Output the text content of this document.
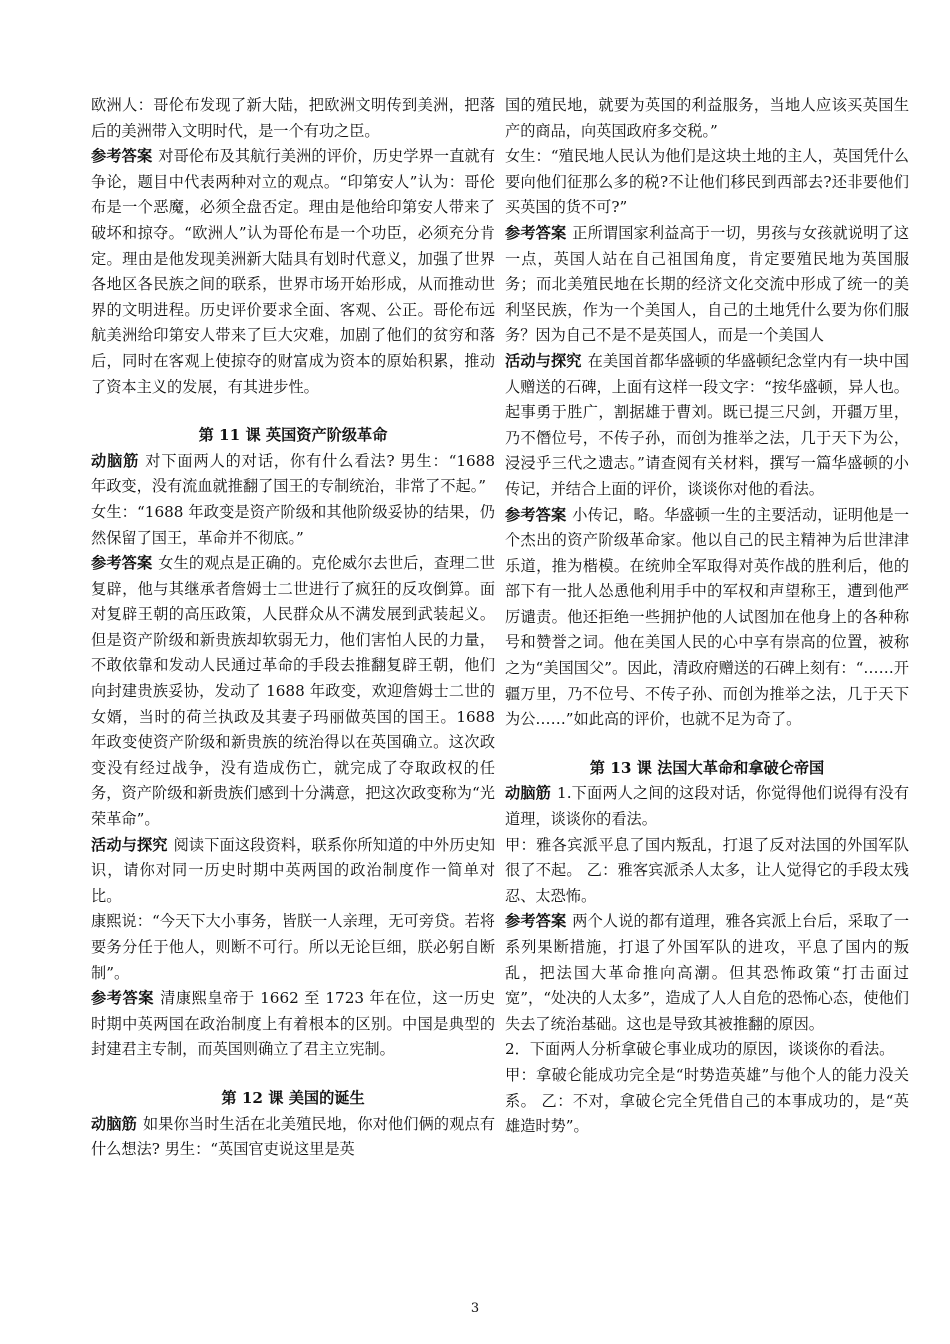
欧洲人：哥伦布发现了新大陆，把欧洲文明传到美洲，把落后的美洲带入文明时代，是一个有功之臣。

参考答案 对哥伦布及其航行美洲的评价，历史学界一直就有争论，题目中代表两种对立的观点。“印第安人”认为：哥伦布是一个恶魔，必须全盘否定。理由是他给印第安人带来了破坏和掠夺。“欧洲人”认为哥伦布是一个功臣，必须充分肯定。理由是他发现美洲新大陆具有划时代意义，加强了世界各地区各民族之间的联系，世界市场开始形成，从而推动世界的文明进程。历史评价要求全面、客观、公正。哥伦布远航美洲给印第安人带来了巨大灾难，加剧了他们的贫穷和落后，同时在客观上使掠夺的财富成为资本的原始积累，推动了资本主义的发展，有其进步性。

第 11 课 英国资产阶级革命

动脑筋 对下面两人的对话，你有什么看法? 男生：“1688 年政变，没有流血就推翻了国王的专制统治，非常了不起。”

女生：“1688 年政变是资产阶级和其他阶级妥协的结果，仍然保留了国王，革命并不彻底。”

参考答案 女生的观点是正确的。克伦威尔去世后，查理二世复辟，他与其继承者詹姆士二世进行了疯狂的反攻倒算。面对复辟王朝的高压政策，人民群众从不满发展到武装起义。但是资产阶级和新贵族却软弱无力，他们害怕人民的力量，不敢依靠和发动人民通过革命的手段去推翻复辟王朝，他们向封建贵族妥协，发动了 1688 年政变，欢迎詹姆士二世的女婿，当时的荷兰执政及其妻子玛丽做英国的国王。1688 年政变使资产阶级和新贵族的统治得以在英国确立。这次政变没有经过战争，没有造成伤亡，就完成了夺取政权的任务，资产阶级和新贵族们感到十分满意，把这次政变称为“光荣革命”。

活动与探究 阅读下面这段资料，联系你所知道的中外历史知识，请你对同一历史时期中英两国的政治制度作一简单对比。

康熙说：“今天下大小事务，皆朕一人亲理，无可旁贷。若将要务分任于他人，则断不可行。所以无论巨细，朕必躬自断制”。

参考答案 清康熙皇帝于 1662 至 1723 年在位，这一历史时期中英两国在政治制度上有着根本的区别。中国是典型的封建君主专制，而英国则确立了君主立宪制。

第 12 课 美国的诞生

动脑筋 如果你当时生活在北美殖民地，你对他们俩的观点有什么想法? 男生：“英国官吏说这里是英

国的殖民地，就要为英国的利益服务，当地人应该买英国生产的商品，向英国政府多交税。”

女生：“殖民地人民认为他们是这块土地的主人，英国凭什么要向他们征那么多的税?不让他们移民到西部去?还非要他们买英国的货不可?”

参考答案 正所谓国家利益高于一切，男孩与女孩就说明了这一点，英国人站在自己祖国角度，肯定要殖民地为英国服务；而北美殖民地在长期的经济文化交流中形成了统一的美利坚民族，作为一个美国人，自己的土地凭什么要为你们服务？因为自己不是不是英国人，而是一个美国人

活动与探究 在美国首都华盛顿的华盛顿纪念堂内有一块中国人赠送的石碑，上面有这样一段文字：“按华盛顿，异人也。起事勇于胜广，割据雄于曹刘。既已提三尺剑，开疆万里，乃不僭位号，不传子孙，而创为推举之法，几于天下为公，浸浸乎三代之遗志。”请查阅有关材料，撰写一篇华盛顿的小传记，并结合上面的评价，谈谈你对他的看法。

参考答案 小传记，略。华盛顿一生的主要活动，证明他是一个杰出的资产阶级革命家。他以自己的民主精神为后世津津乐道，推为楷模。在统帅全军取得对英作战的胜利后，他的部下有一批人怂恿他利用手中的军权和声望称王，遭到他严厉谴责。他还拒绝一些拥护他的人试图加在他身上的各种称号和赞誉之词。他在美国人民的心中享有崇高的位置，被称之为“美国国父”。因此，清政府赠送的石碑上刻有：“……开疆万里，乃不位号、不传子孙、而创为推举之法，几于天下为公……”如此高的评价，也就不足为奇了。

第 13 课 法国大革命和拿破仑帝国

动脑筋 1.下面两人之间的这段对话，你觉得他们说得有没有道理，谈谈你的看法。

甲：雅各宾派平息了国内叛乱，打退了反对法国的外国军队很了不起。 乙：雅客宾派杀人太多，让人觉得它的手段太残忍、太恐怖。

参考答案 两个人说的都有道理，雅各宾派上台后，采取了一系列果断措施，打退了外国军队的进攻，平息了国内的叛乱，把法国大革命推向高潮。但其恐怖政策“打击面过宽”，“处决的人太多”，造成了人人自危的恐怖心态，使他们失去了统治基础。这也是导致其被推翻的原因。

2．下面两人分析拿破仑事业成功的原因，谈谈你的看法。

甲：拿破仑能成功完全是“时势造英雄”与他个人的能力没关系。 乙：不对，拿破仑完全凭借自己的本事成功的，是“英雄造时势”。

3
